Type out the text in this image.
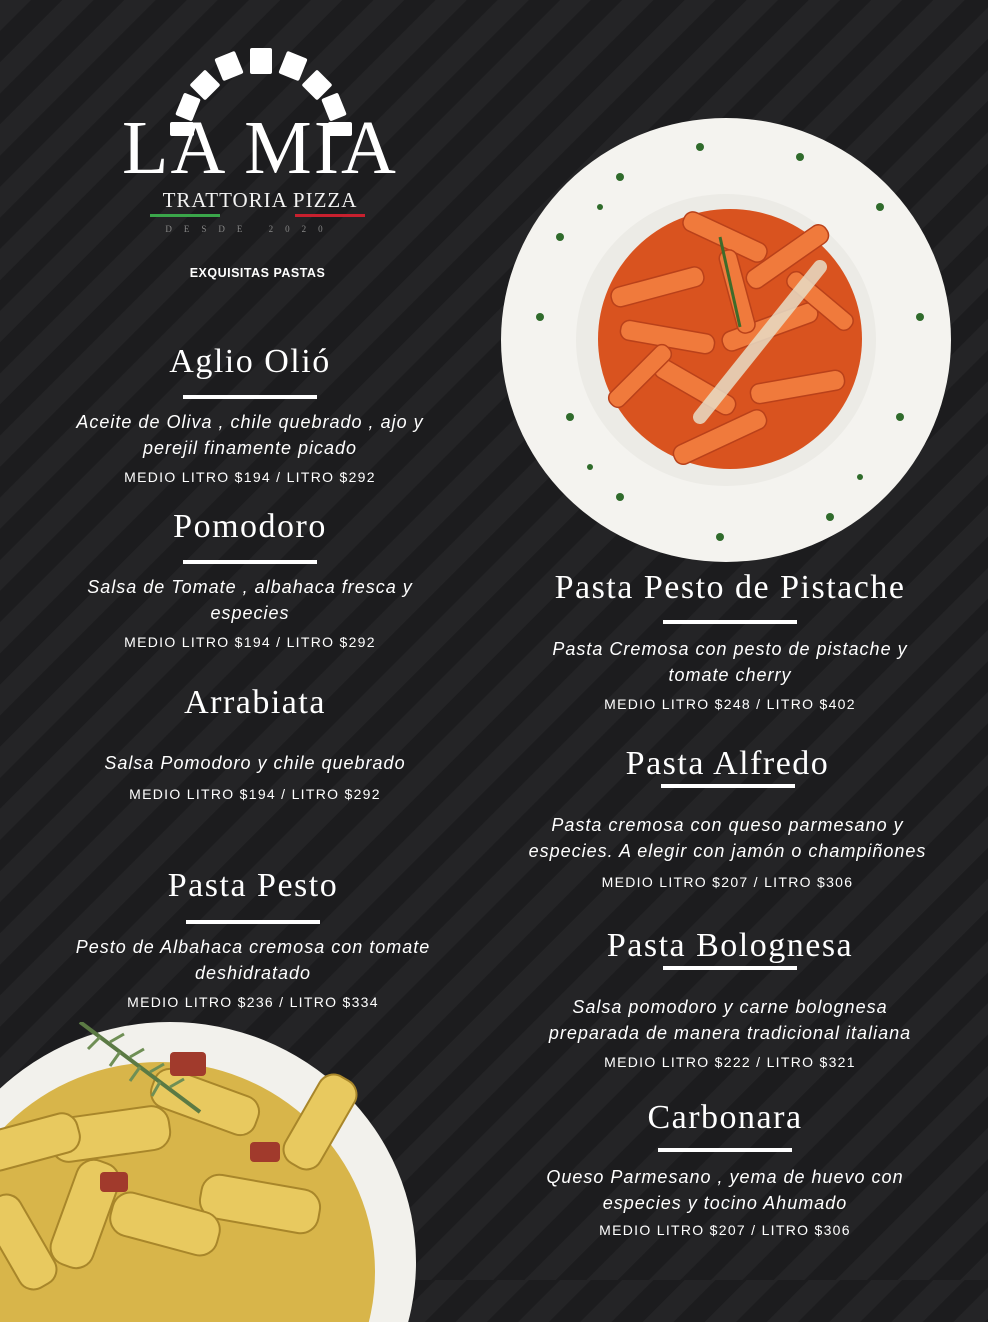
LA MIA
TRATTORIA PIZZA
DESDE 2020
EXQUISITAS PASTAS
Aglio Olió

Aceite de Oliva , chile quebrado , ajo y

perejil finamente picado

MEDIO LITRO $194 / LITRO $292
Pomodoro

Salsa de Tomate , albahaca fresca y

especies

MEDIO LITRO $194 / LITRO $292
Arrabiata

Salsa Pomodoro y chile quebrado

MEDIO LITRO $194 / LITRO $292
Pasta Pesto

Pesto de Albahaca cremosa con tomate

deshidratado

MEDIO LITRO $236 / LITRO $334
Pasta Pesto de Pistache

Pasta Cremosa con pesto de pistache y

tomate cherry

MEDIO LITRO $248 / LITRO $402
Pasta Alfredo

Pasta cremosa con queso parmesano y

especies. A elegir con jamón o champiñones

MEDIO LITRO $207 / LITRO $306
Pasta Bolognesa

Salsa pomodoro y carne bolognesa

preparada de manera tradicional italiana

MEDIO LITRO $222 / LITRO $321
Carbonara

Queso Parmesano , yema de huevo con

especies y tocino Ahumado

MEDIO LITRO $207 / LITRO $306
